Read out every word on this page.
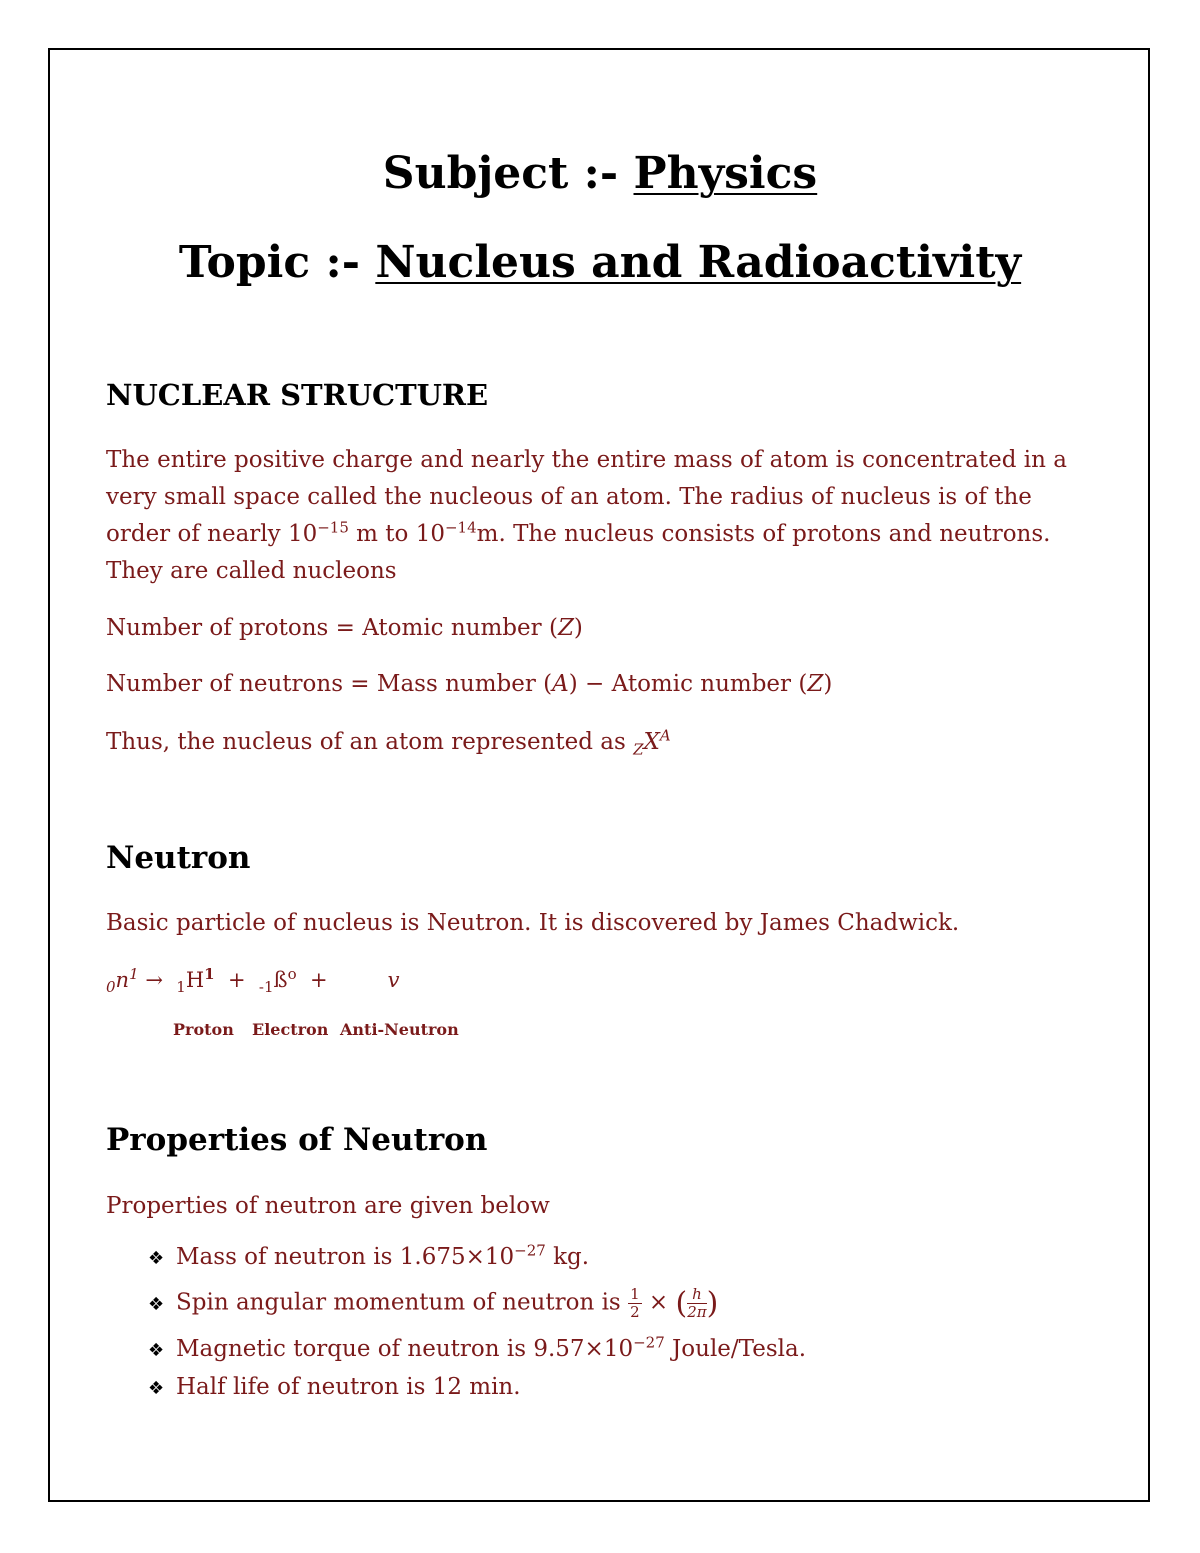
Subject :- Physics
Topic :- Nucleus and Radioactivity
NUCLEAR STRUCTURE
The entire positive charge and nearly the entire mass of atom is concentrated in a very small space called the nucleous of an atom. The radius of nucleus is of the order of nearly $10^{-15}$ m to $10^{-14}m$. The nucleus consists of protons and neutrons. They are called nucleons
Number of protons = Atomic number (Z)
Number of neutrons = Mass number (A) − Atomic number (Z)
Thus, the nucleus of an atom represented as $_ZX^A$
Neutron
Basic particle of nucleus is Neutron. It is discovered by James Chadwick.
$_0n^1 \to _1H^1$ + $_{-1}ß^o$ +	v
Proton Electron Anti-Neutron
Properties of Neutron
Properties of neutron are given below
❖ Mass of neutron is $1.675\times 10^{-27}$ kg.
❖ Spin angular momentum of neutron is $\frac{1}{2}$ × ( $\frac{h}{2\pi}$ )
❖ Magnetic torque of neutron is $9.57\times 10^{-27}$ Joule/Tesla.
❖ Half life of neutron is 12 min.
